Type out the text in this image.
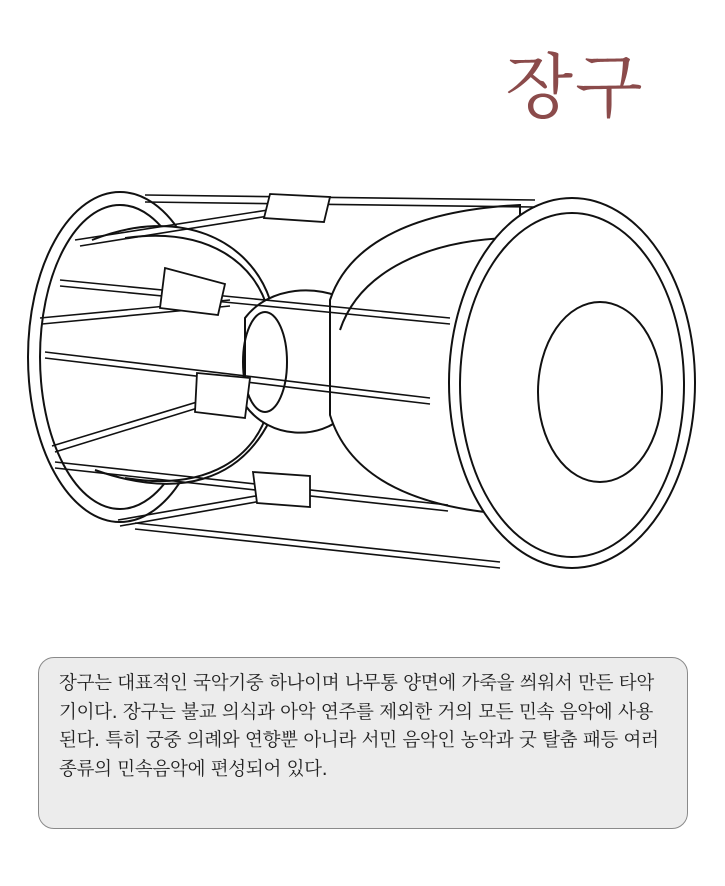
장구

장구는 대표적인 국악기중 하나이며 나무통 양면에 가죽을 씌워서 만든 타악기이다. 장구는 불교 의식과 아악 연주를 제외한 거의 모든 민속 음악에 사용된다. 특히 궁중 의례와 연향뿐 아니라 서민 음악인 농악과 굿 탈춤 패등 여러 종류의 민속음악에 편성되어 있다.
